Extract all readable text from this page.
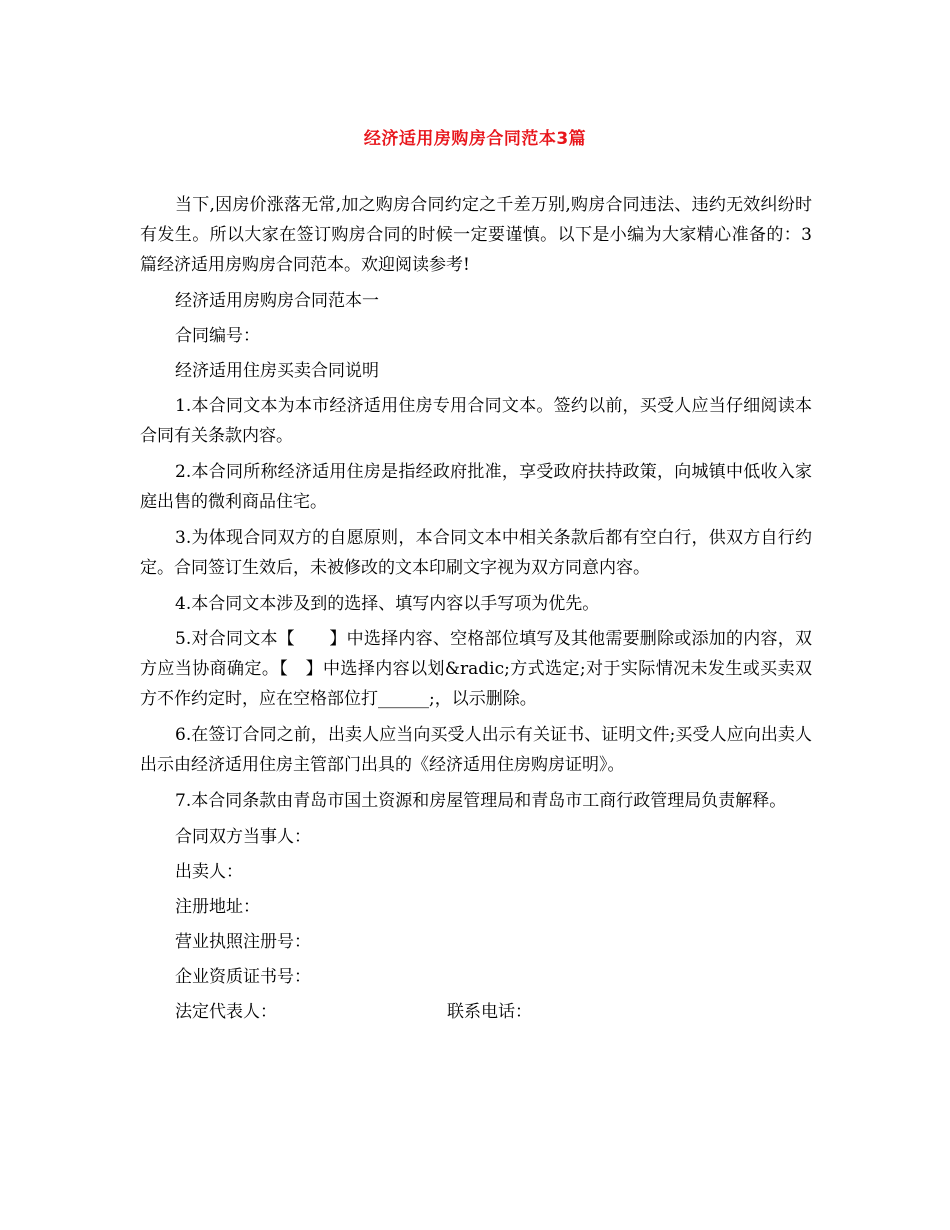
经济适用房购房合同范本3篇

当下,因房价涨落无常,加之购房合同约定之千差万别,购房合同违法、违约无效纠纷时有发生。所以大家在签订购房合同的时候一定要谨慎。以下是小编为大家精心准备的：3篇经济适用房购房合同范本。欢迎阅读参考!

经济适用房购房合同范本一

合同编号：

经济适用住房买卖合同说明

1.本合同文本为本市经济适用住房专用合同文本。签约以前，买受人应当仔细阅读本合同有关条款内容。

2.本合同所称经济适用住房是指经政府批准，享受政府扶持政策，向城镇中低收入家庭出售的微利商品住宅。

3.为体现合同双方的自愿原则，本合同文本中相关条款后都有空白行，供双方自行约定。合同签订生效后，未被修改的文本印刷文字视为双方同意内容。

4.本合同文本涉及到的选择、填写内容以手写项为优先。

5.对合同文本【　　】中选择内容、空格部位填写及其他需要删除或添加的内容，双方应当协商确定。【　】中选择内容以划&radic;方式选定;对于实际情况未发生或买卖双方不作约定时，应在空格部位打______;，以示删除。

6.在签订合同之前，出卖人应当向买受人出示有关证书、证明文件;买受人应向出卖人出示由经济适用住房主管部门出具的《经济适用住房购房证明》。

7.本合同条款由青岛市国土资源和房屋管理局和青岛市工商行政管理局负责解释。

合同双方当事人：
出卖人：
注册地址：
营业执照注册号：
企业资质证书号：
法定代表人：	联系电话：
